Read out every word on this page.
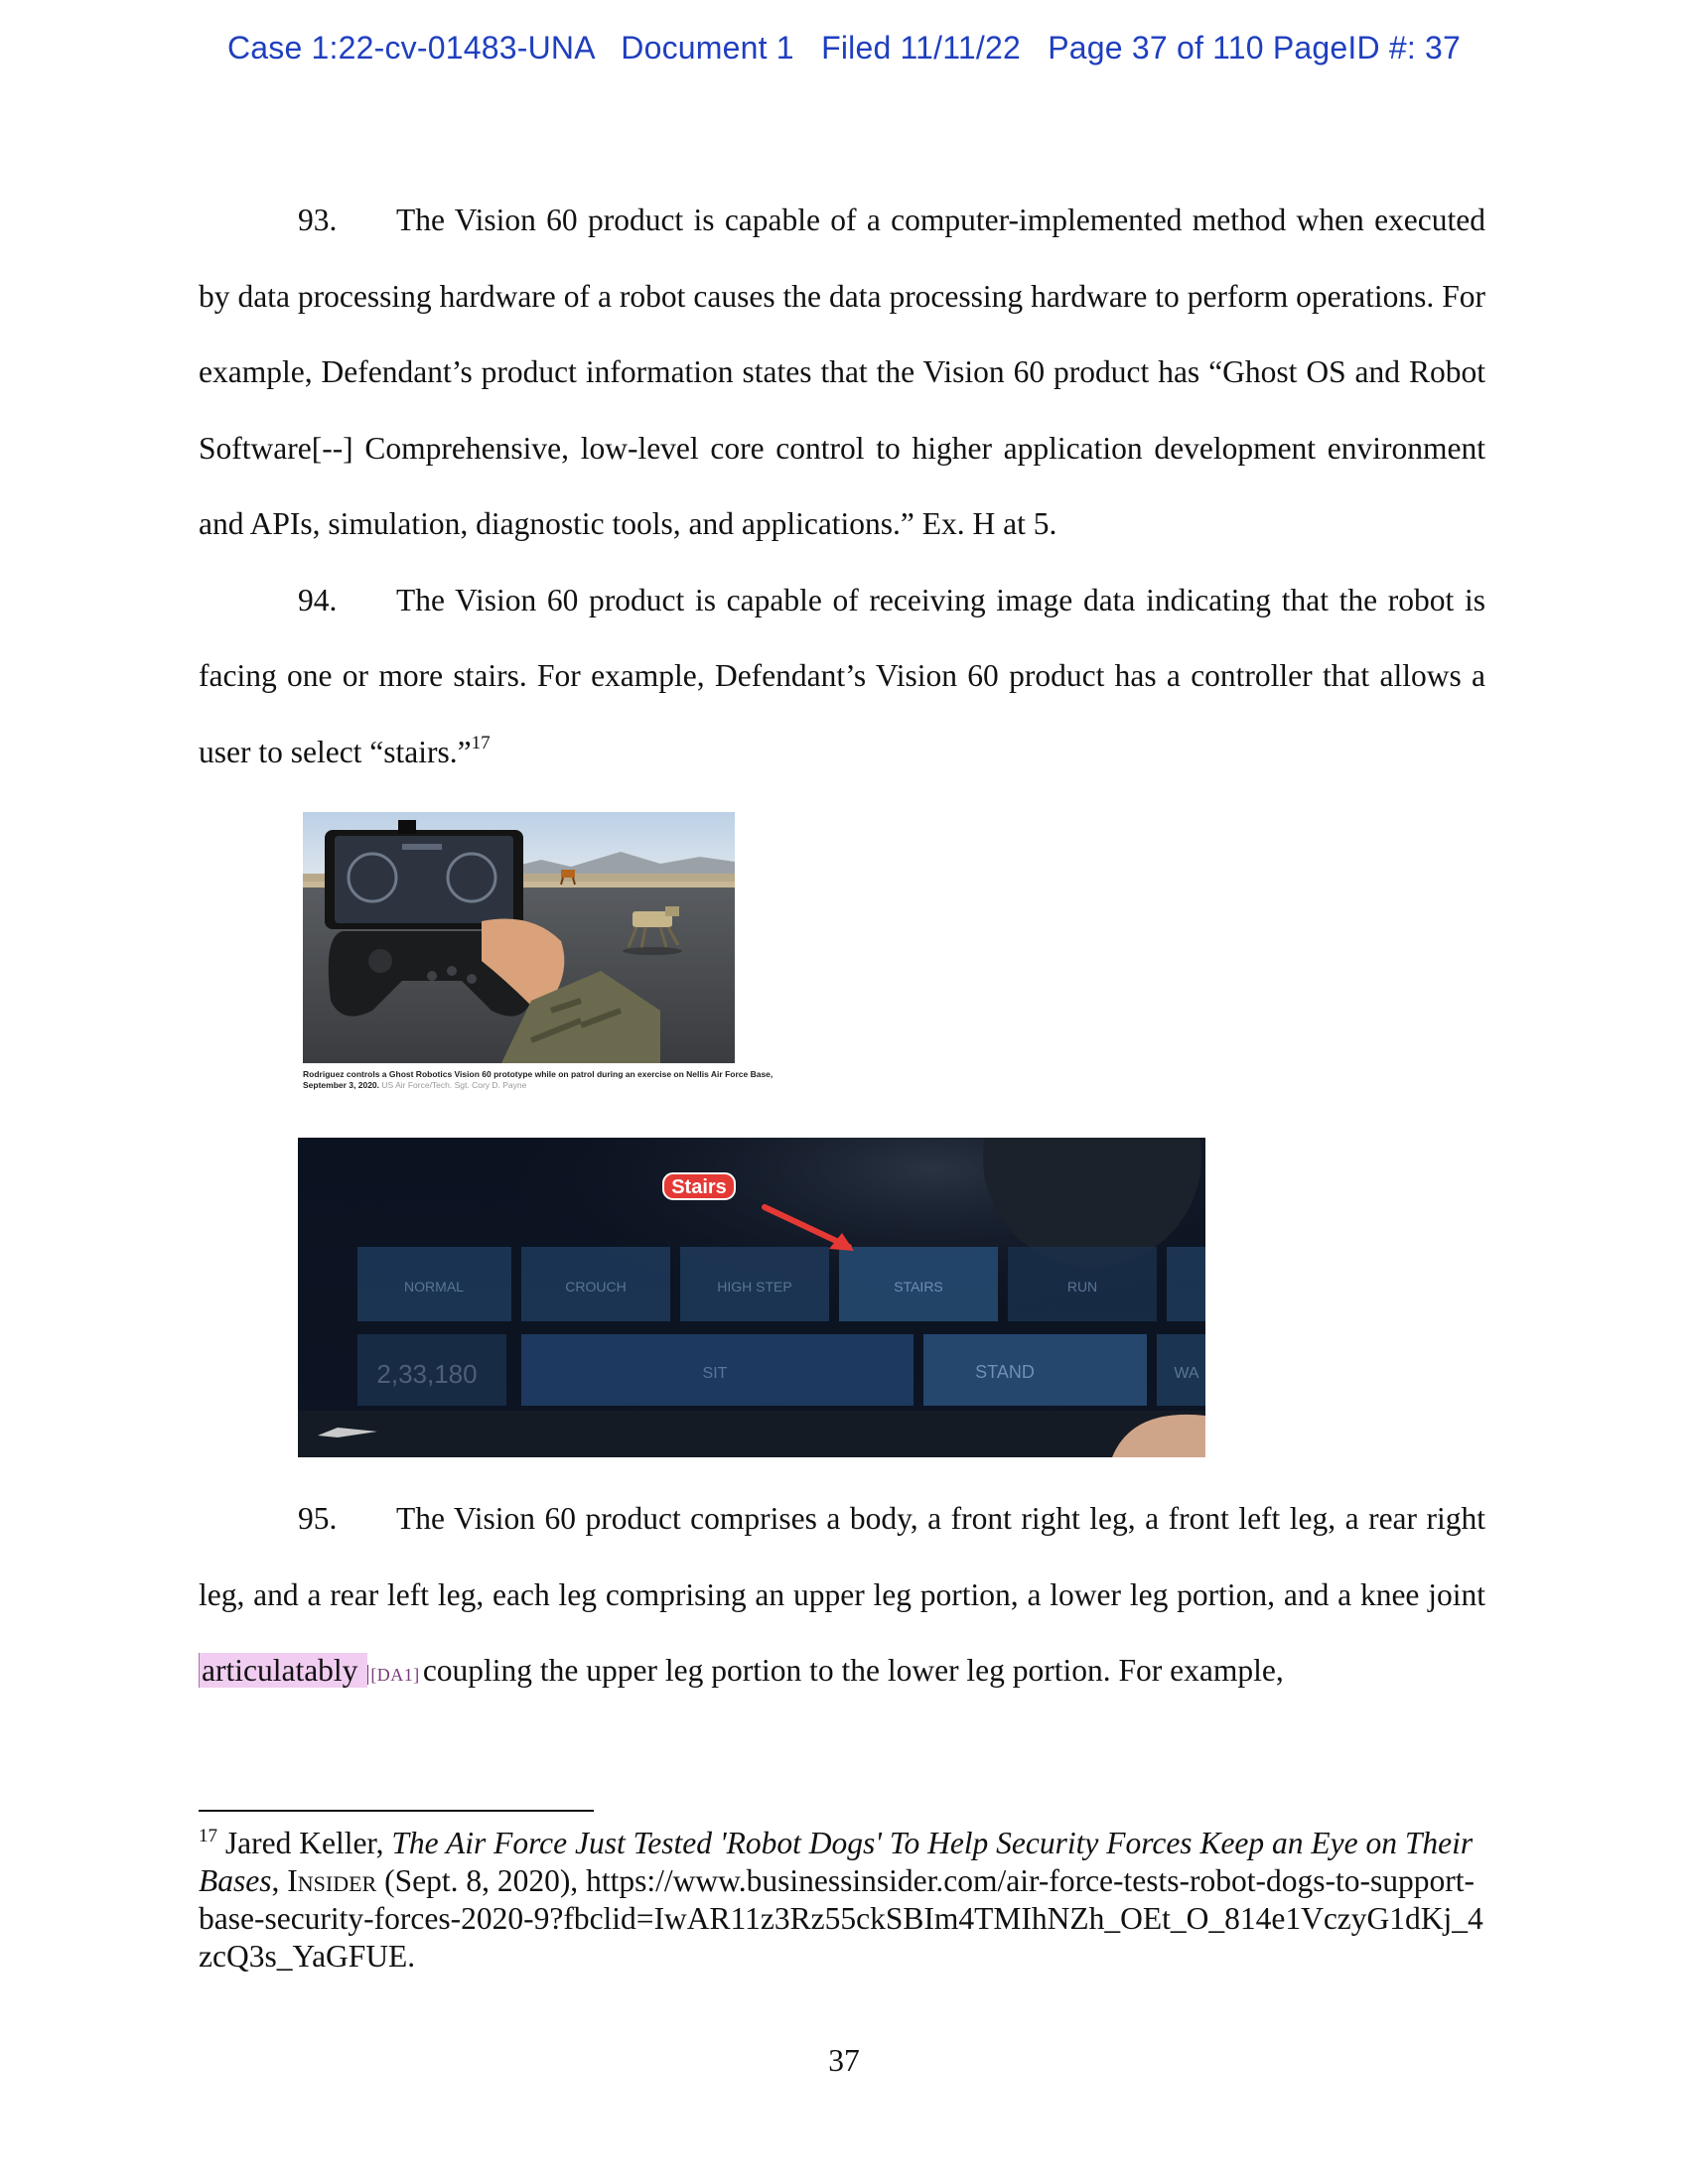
Case 1:22-cv-01483-UNA Document 1 Filed 11/11/22 Page 37 of 110 PageID #: 37

93. The Vision 60 product is capable of a computer-implemented method when executed by data processing hardware of a robot causes the data processing hardware to perform operations. For example, Defendant’s product information states that the Vision 60 product has “Ghost OS and Robot Software[--] Comprehensive, low-level core control to higher application development environment and APIs, simulation, diagnostic tools, and applications.” Ex. H at 5.

94. The Vision 60 product is capable of receiving image data indicating that the robot is facing one or more stairs. For example, Defendant’s Vision 60 product has a controller that allows a user to select “stairs.”$^{17}$

Rodriguez controls a Ghost Robotics Vision 60 prototype while on patrol during an exercise on Nellis Air Force Base, September 3, 2020. US Air Force/Tech. Sgt. Cory D. Payne
NORMAL	CROUCH	HIGH STEP	STAIRS	RUN
2,33,180	SIT	STAND	WA
Stairs

95. The Vision 60 product comprises a body, a front right leg, a front left leg, a rear right leg, and a rear left leg, each leg comprising an upper leg portion, a lower leg portion, and a knee joint articulatably [DA1]coupling the upper leg portion to the lower leg portion. For example,

$^{17}$ Jared Keller, The Air Force Just Tested 'Robot Dogs' To Help Security Forces Keep an Eye on Their Bases, Insider (Sept. 8, 2020), https://www.businessinsider.com/air-force-tests-robot-dogs-to-support-base-security-forces-2020-9?fbclid=IwAR11z3Rz55ckSBIm4TMIhNZh_OEt_O_814e1VczyG1dKj_4zcQ3s_YaGFUE.
37
